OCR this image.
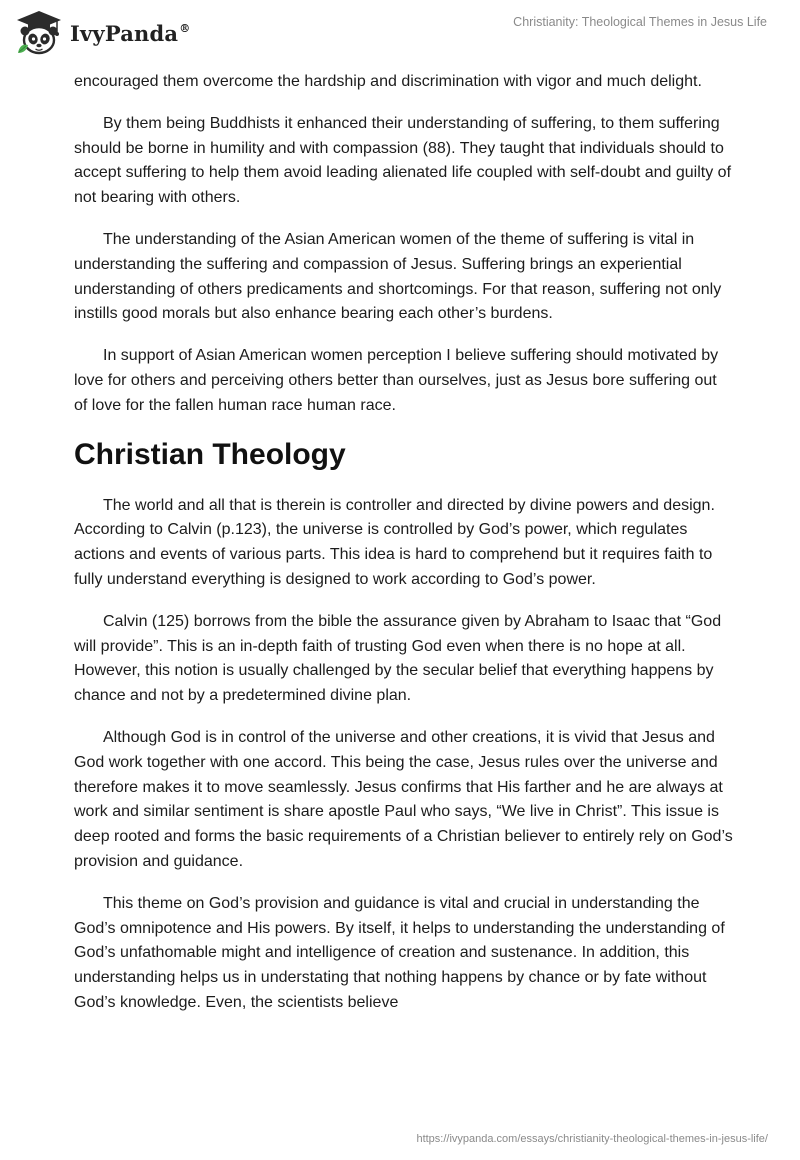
IvyPanda®	Christianity: Theological Themes in Jesus Life

encouraged them overcome the hardship and discrimination with vigor and much delight.

By them being Buddhists it enhanced their understanding of suffering, to them suffering should be borne in humility and with compassion (88). They taught that individuals should to accept suffering to help them avoid leading alienated life coupled with self-doubt and guilty of not bearing with others.

The understanding of the Asian American women of the theme of suffering is vital in understanding the suffering and compassion of Jesus. Suffering brings an experiential understanding of others predicaments and shortcomings. For that reason, suffering not only instills good morals but also enhance bearing each other’s burdens.

In support of Asian American women perception I believe suffering should motivated by love for others and perceiving others better than ourselves, just as Jesus bore suffering out of love for the fallen human race human race.

Christian Theology

The world and all that is therein is controller and directed by divine powers and design. According to Calvin (p.123), the universe is controlled by God’s power, which regulates actions and events of various parts. This idea is hard to comprehend but it requires faith to fully understand everything is designed to work according to God’s power.

Calvin (125) borrows from the bible the assurance given by Abraham to Isaac that “God will provide”. This is an in-depth faith of trusting God even when there is no hope at all. However, this notion is usually challenged by the secular belief that everything happens by chance and not by a predetermined divine plan.

Although God is in control of the universe and other creations, it is vivid that Jesus and God work together with one accord. This being the case, Jesus rules over the universe and therefore makes it to move seamlessly. Jesus confirms that His farther and he are always at work and similar sentiment is share apostle Paul who says, “We live in Christ”. This issue is deep rooted and forms the basic requirements of a Christian believer to entirely rely on God’s provision and guidance.

This theme on God’s provision and guidance is vital and crucial in understanding the God’s omnipotence and His powers. By itself, it helps to understanding the understanding of God’s unfathomable might and intelligence of creation and sustenance. In addition, this understanding helps us in understating that nothing happens by chance or by fate without God’s knowledge. Even, the scientists believe

https://ivypanda.com/essays/christianity-theological-themes-in-jesus-life/
